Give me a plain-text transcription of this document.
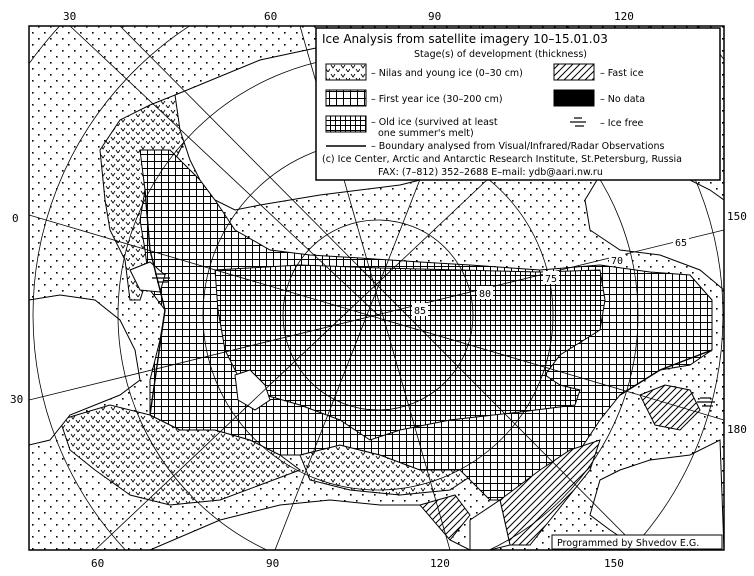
30	60	90	120
60	90	120	150
0
30
150
180
85
80
75
70
65
Ice Analysis from satellite imagery 10–15.01.03
Stage(s) of development (thickness)
– Nilas and young ice (0–30 cm)	– Fast ice
– First year ice (30–200 cm)	– No data
– Old ice (survived at least
one summer's melt)
– Ice free
– Boundary analysed from Visual/Infrared/Radar Observations
(c) Ice Center, Arctic and Antarctic Research Institute, St.Petersburg, Russia
FAX: (7–812) 352–2688 E–mail: ydb@aari.nw.ru
Programmed by Shvedov E.G.
